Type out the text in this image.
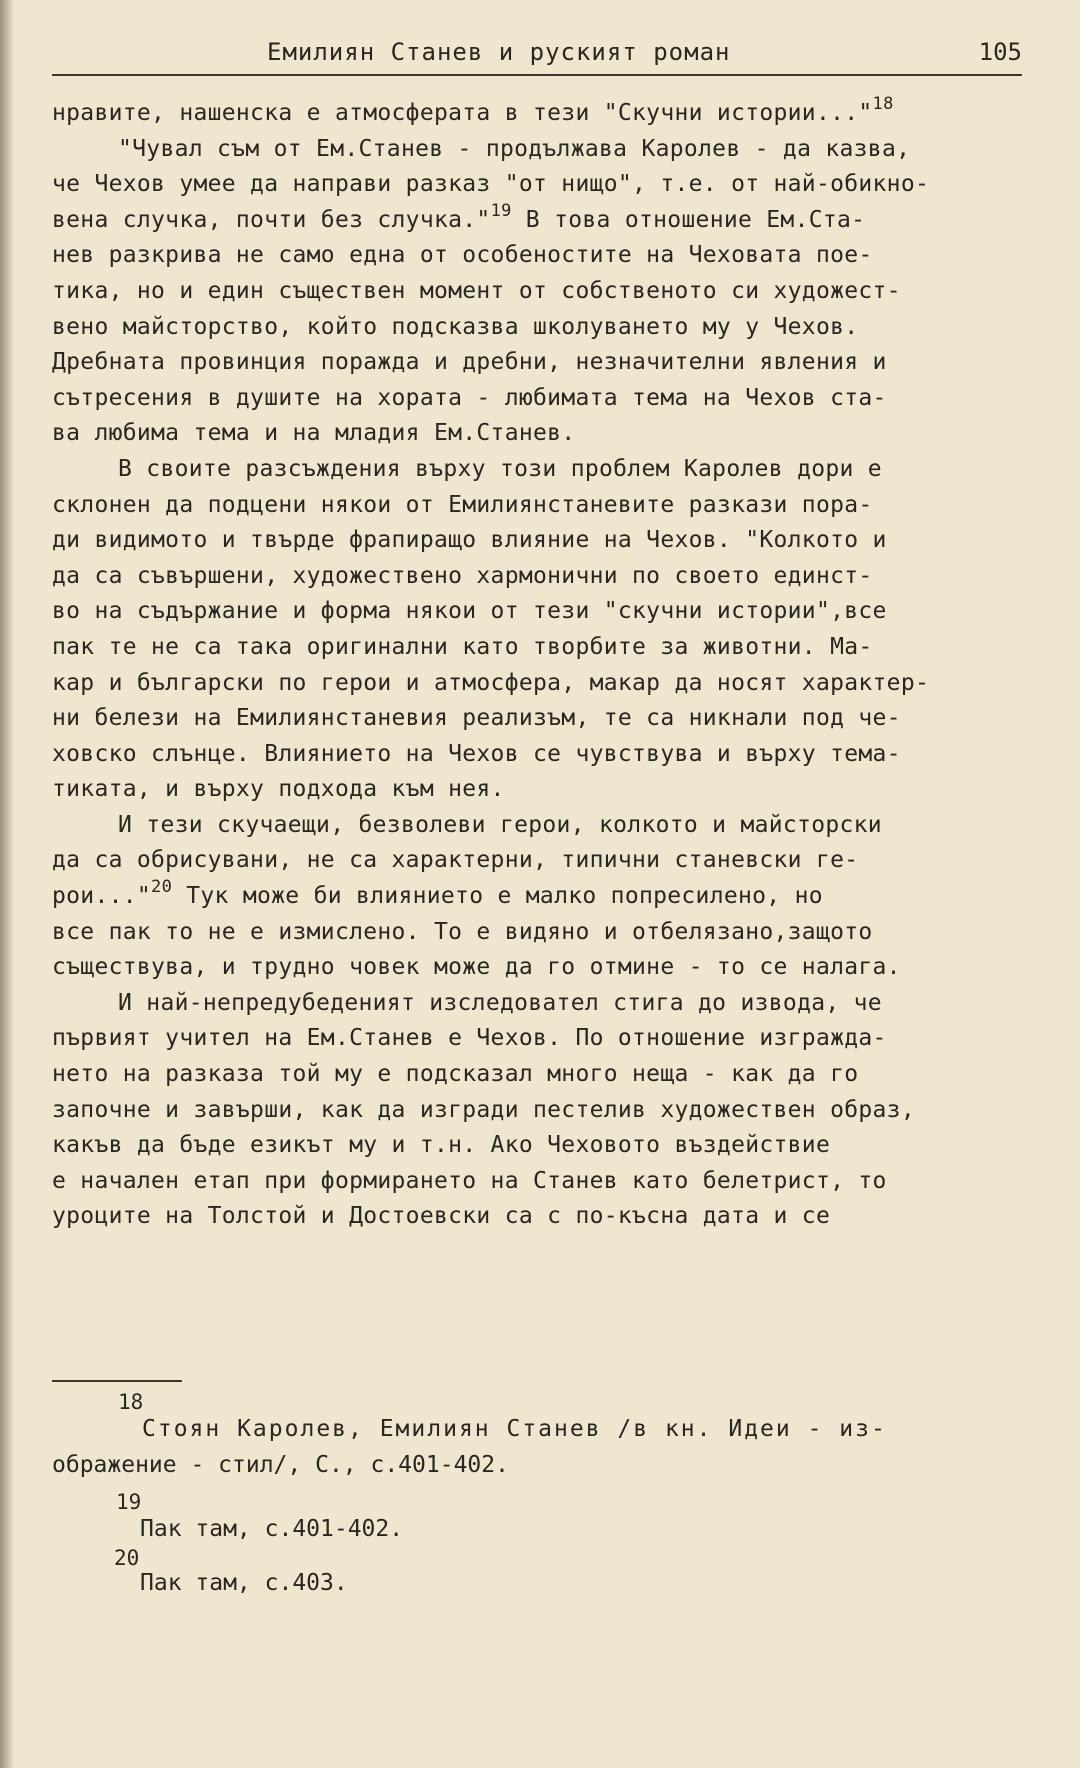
Емилиян Станев и руският роман	105
нравите, нашенска е атмосферата в тези "Скучни истории..."$^{18}$
"Чувал съм от Ем.Станев - продължава Каролев - да казва,
че Чехов умее да направи разказ "от нищо", т.е. от най-обикно-
вена случка, почти без случка."$^{19}$ В това отношение Ем.Ста-
нев разкрива не само една от особеностите на Чеховата пое-
тика, но и един съществен момент от собственото си художест-
вено майсторство, който подсказва школуването му у Чехов.
Дребната провинция поражда и дребни, незначителни явления и
сътресения в душите на хората - любимата тема на Чехов ста-
ва любима тема и на младия Ем.Станев.
В своите разсъждения върху този проблем Каролев дори е
склонен да подцени някои от Емилиянстаневите разкази пора-
ди видимото и твърде фрапиращо влияние на Чехов. "Колкото и
да са съвършени, художествено хармонични по своето единст-
во на съдържание и форма някои от тези "скучни истории",все
пак те не са така оригинални като творбите за животни. Ма-
кар и български по герои и атмосфера, макар да носят характер-
ни белези на Емилиянстаневия реализъм, те са никнали под че-
ховско слънце. Влиянието на Чехов се чувствува и върху тема-
тиката, и върху подхода към нея.
И тези скучаещи, безволеви герои, колкото и майсторски
да са обрисувани, не са характерни, типични станевски ге-
рои..."$^{20}$ Тук може би влиянието е малко попресилено, но
все пак то не е измислено. То е видяно и отбелязано,защото
съществува, и трудно човек може да го отмине - то се налага.
И най-непредубеденият изследовател стига до извода, че
първият учител на Ем.Станев е Чехов. По отношение изгражда-
нето на разказа той му е подсказал много неща - как да го
започне и завърши, как да изгради пестелив художествен образ,
какъв да бъде езикът му и т.н. Ако Чеховото въздействие
е начален етап при формирането на Станев като белетрист, то
уроците на Толстой и Достоевски са с по-късна дата и се
18
Стоян Каролев, Емилиян Станев /в кн. Идеи - из-
ображение - стил/, С., с.401-402.
19
Пак там, с.401-402.
20
Пак там, с.403.
